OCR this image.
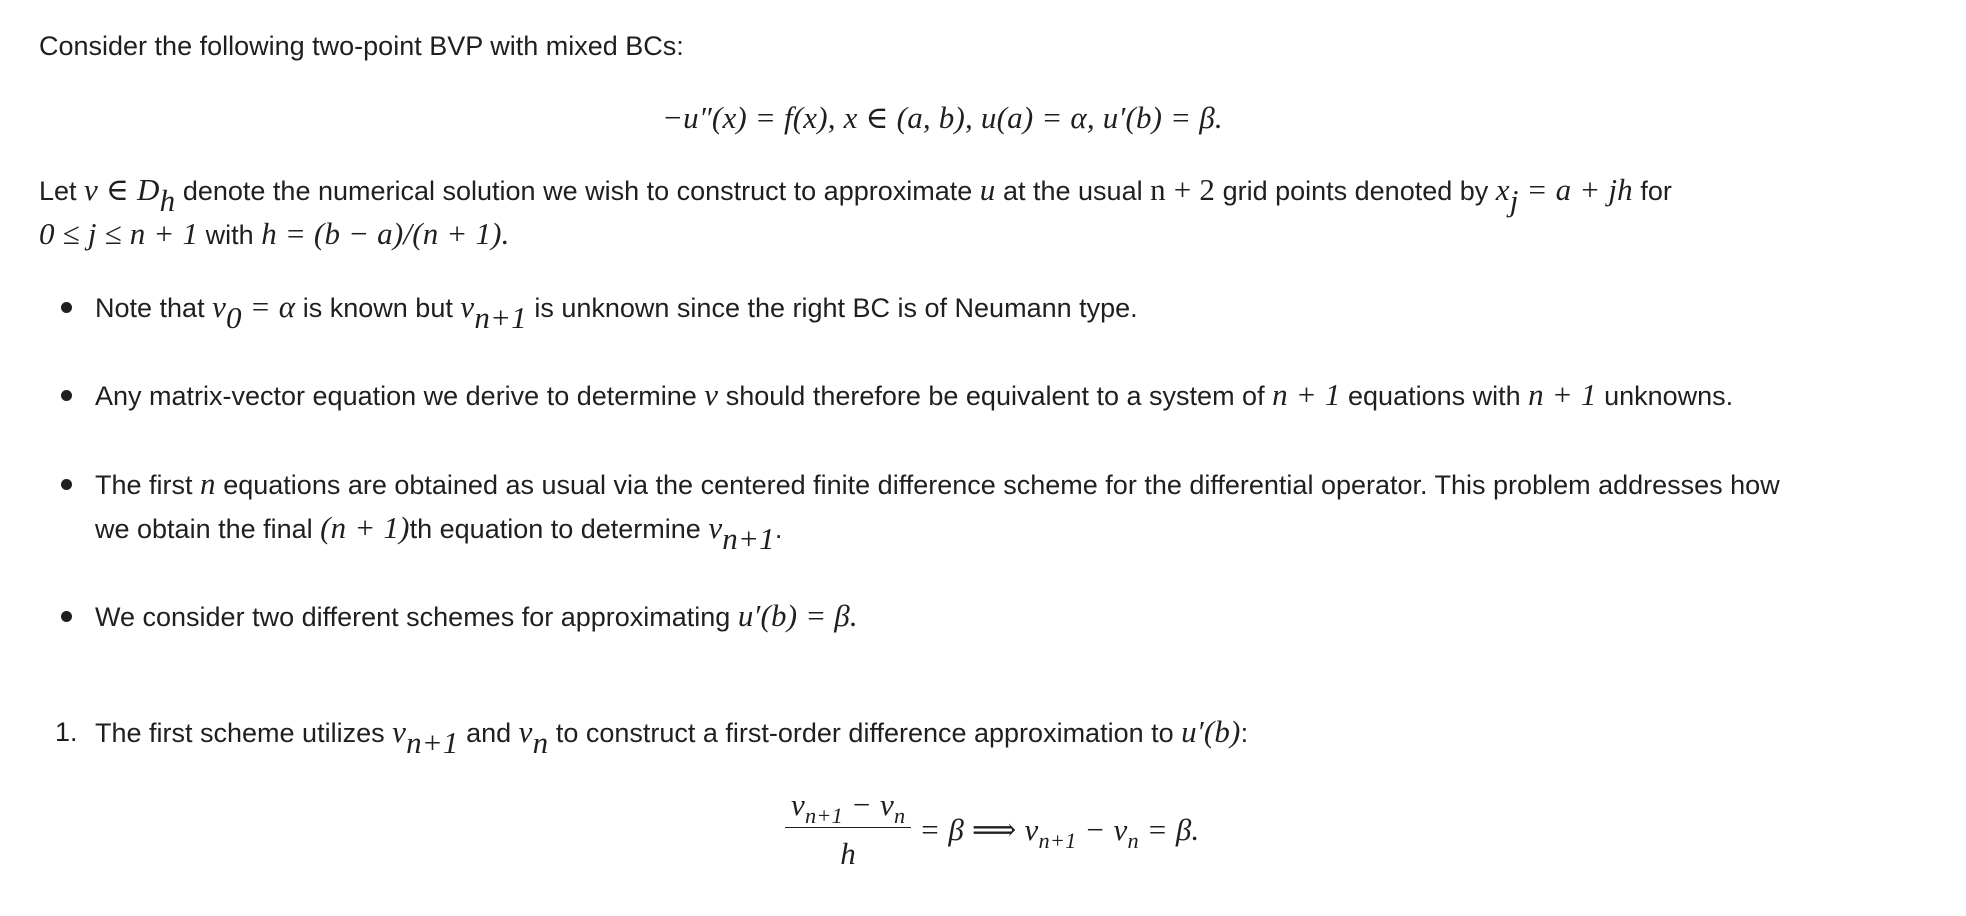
Consider the following two-point BVP with mixed BCs:
−u″(x) = f(x), x ∈ (a, b), u(a) = α, u′(b) = β.
Let v ∈ $D_h$ denote the numerical solution we wish to construct to approximate u at the usual n + 2 grid points denoted by $x_j = a$ + jh for
0 ≤ j ≤ n + 1 with h = (b − a)/(n + 1).
Note that $v_0 = \alpha$ is known but $v_{n+1}$ is unknown since the right BC is of Neumann type.
Any matrix-vector equation we derive to determine v should therefore be equivalent to a system of n + 1 equations with n + 1 unknowns.
The first n equations are obtained as usual via the centered finite difference scheme for the differential operator. This problem addresses how
we obtain the final (n + 1)th equation to determine $v_{n+1}$.
We consider two different schemes for approximating u′(b) = β.
1. The first scheme utilizes $v_{n+1}$ and $v_n$ to construct a first-order difference approximation to u′(b):
$\frac{v_{n+1} - v_n}{h} = \beta$ ⟹ $v_{n+1} - v_n = \beta$.
